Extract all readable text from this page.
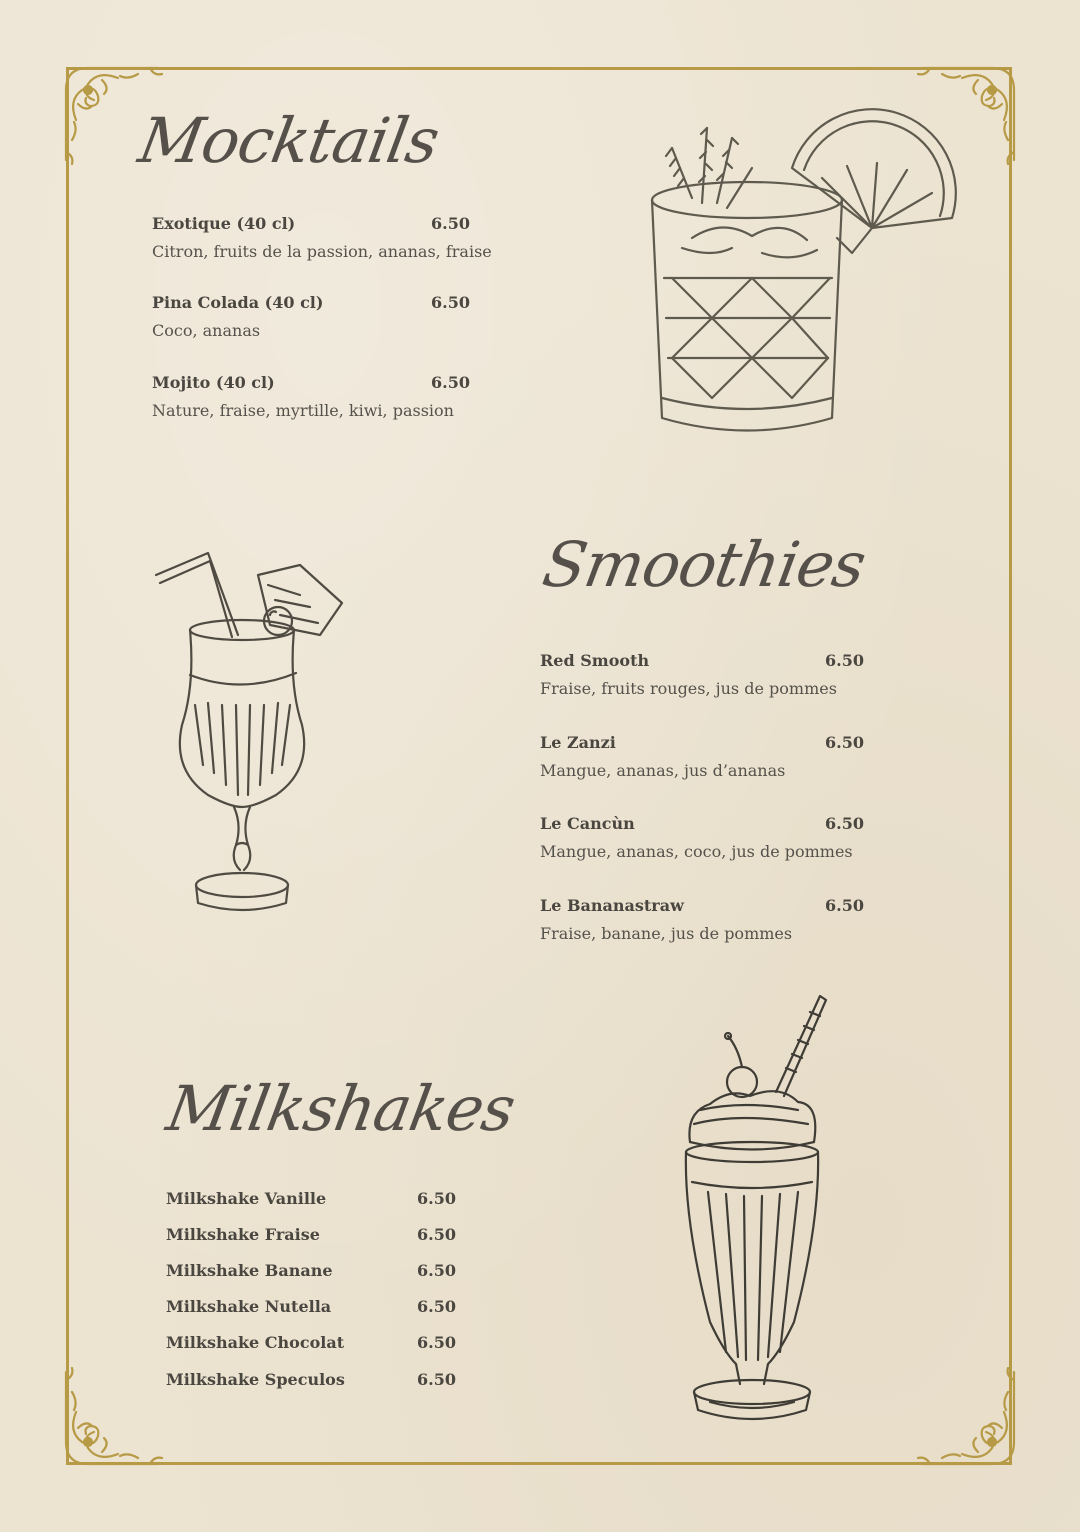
Mocktails
Exotique (40 cl)	6.50
Citron, fruits de la passion, ananas, fraise
Pina Colada (40 cl)	6.50
Coco, ananas
Mojito (40 cl)	6.50
Nature, fraise, myrtille, kiwi, passion
Smoothies
Red Smooth	6.50
Fraise, fruits rouges, jus de pommes
Le Zanzi	6.50
Mangue, ananas, jus d’ananas
Le Cancùn	6.50
Mangue, ananas, coco, jus de pommes
Le Bananastraw	6.50
Fraise, banane, jus de pommes
Milkshakes
Milkshake Vanille	6.50
Milkshake Fraise	6.50
Milkshake Banane	6.50
Milkshake Nutella	6.50
Milkshake Chocolat	6.50
Milkshake Speculos	6.50
